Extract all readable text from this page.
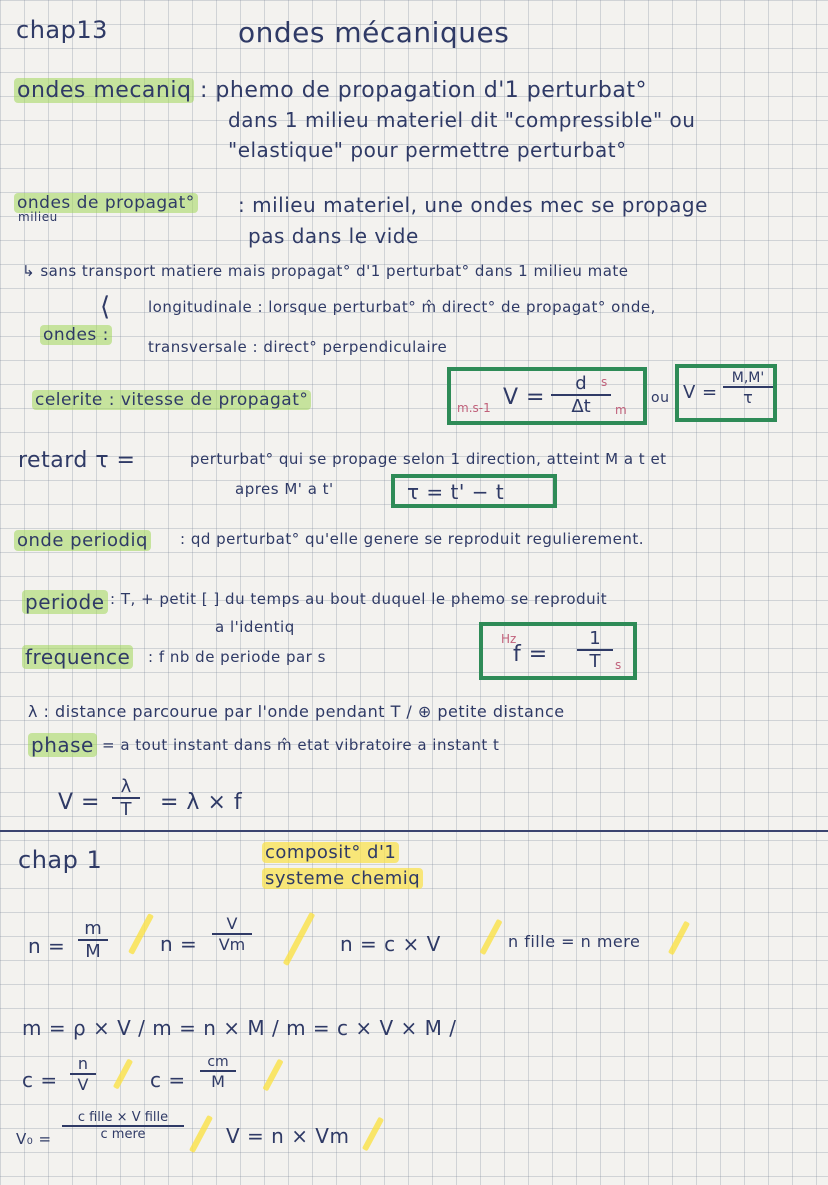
chap13	ondes mécaniques
ondes mecaniq : phemo de propagation d'1 perturbat°
dans 1 milieu materiel dit "compressible" ou
"elastique" pour permettre perturbat°
ondes de propagat°
milieu	: milieu materiel, une ondes mec se propage
pas dans le vide
↳ sans transport matiere mais propagat° d'1 perturbat° dans 1 milieu mate
ondes :
⟨ longitudinale : lorsque perturbat° m̂ direct° de propagat° onde,
transversale : direct° perpendiculaire
celerite : vitesse de propagat°	m.s-1 V =
d
Δt
s
m
ou V =
M,M'
τ
retard τ =	perturbat° qui se propage selon 1 direction, atteint M a t et
apres M' a t'	τ = t' − t
onde periodiq : qd perturbat° qu'elle genere se reproduit regulierement.
periode : T, + petit [ ] du temps au bout duquel le phemo se reproduit
a l'identiq
frequence : f nb de periode par s
Hz
f =
1
T s
λ : distance parcourue par l'onde pendant T / ⊕ petite distance
phase = a tout instant dans m̂ etat vibratoire a instant t
V =
λ
T = λ × f
chap 1	composit° d'1
systeme chemiq
n =
m
M	n =
V
Vm	n = c × V	n fille = n mere
m = ρ × V / m = n × M / m = c × V × M /
c =
n
V	c =
cm
M
V₀ =
c fille × V fille
c mere	V = n × Vm
